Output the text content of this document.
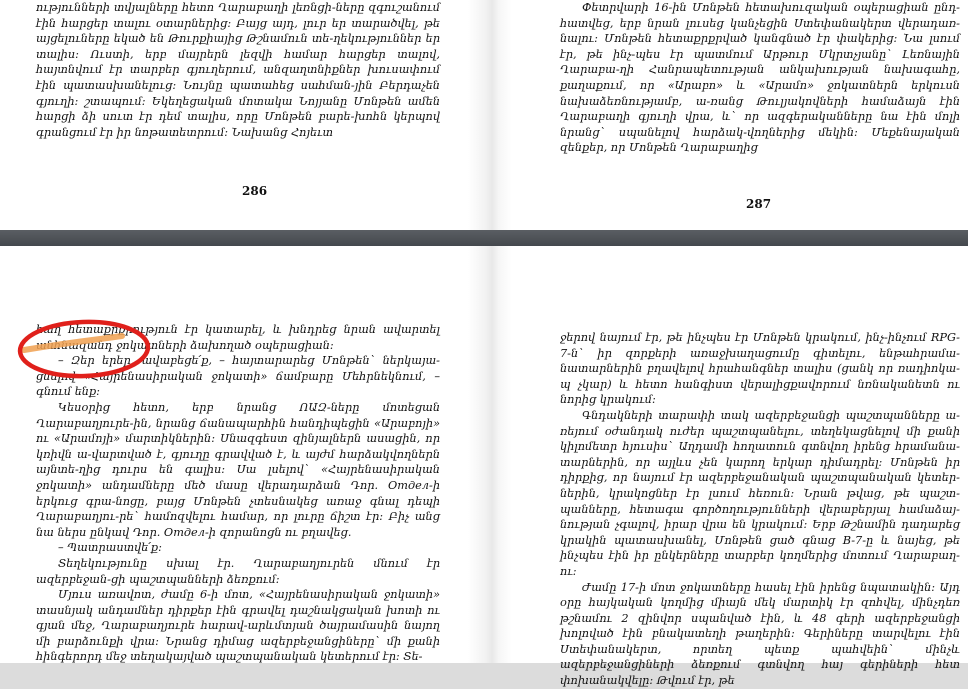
ությունների տվյալները հետո Ղարաբաղի լեռնցի-ները զգուշանում էին հարցեր տալու օտարներից: Բայց այդ, լուր եր տարածվել, թե այցելուները եկած են Թուրքիայից Թշնամուն տե-ղեկություններ եր տալիս: Ուստի, երբ մայրերն լեզվի համար հարցեր տալով, հայտնվում էր տարբեր գյուղերում, անզաղտնիքներ խուսափում էին պատասխանելուց: Նույնը պատահեց սահման-յին Բերդաչեն գյուղի: շտապում: Եկեղեցական մոտակա Նոյյանը Մոնթեն ամեն հարցի ձի սուտ էր դեմ տալիս, որը Մոնթեն բարե-խոհն կերպով գրանցում էր իր նոթատետրում: Նախանց Հոյեւտ

Փետրվարի 16-ին Մոնթեն հետախուզական օպերացիան ընդ-հատվեց, երբ նրան լուսեց կանչեցին Ստեփանակերտ վերադառ-նալու: Մոնթեն հետաքրքրված կանգնած էր փակերից: Նա լսում էր, թե ինչ-պես էր պատմում Արթուր Մկրտչյանը` Լեռնային Ղարաբա-ղի Հանրապետության անկախության նախագահը, քաղաքում, որ «Արաբո» և «Արամո» ջոկատներն երկուսն նախաձեռնությամբ, ա-ռանց Թուլյակովների համաձայն էին Ղարաբաղի գյուղի վրա, և` որ ազգերականները նա էին մոլի նրանց` սպանելով հարձակ-վողներից մեկին: Մեքենայական զենքեր, որ Մոնթեն Ղարաբաղից

286
287

հաղ հետաքրքրություն էր կատարել, և խնդրեց նրան ավարտել անհնազանդ ջոկատների ձախողած օպերացիան:

– Զեր երեր, ավաբեցե՛ք, – հայտարարեց Մոնթեն` ներկայա-ցնելով «Հայրենասիրական ջոկատի» ճամբարը Մեհրնեկնում, – գնում ենք:

Կեսօրից հետո, երբ նրանց ՈԱԶ-ները մոտեցան Ղարաբաղյուրե-ին, նրանց ճանապարհին հանդիպեցին «Արաբոյի» ու «Արամոյի» մարտիկներին: Սնազգեստ զինյալներն ասացին, որ կռիվն ա-վարտված է, գյուղը գրավված է, և այժմ հարձակվողներն այնտե-ղից դուրս են գալիս: Սա լսելով` «Հայրենասիրական ջոկատի» անդամները մեծ մասը վերադարձան Դոր. Отдел-ի երկուց գրա-նոցը, բայց Մոնթեն չտեսնակեց առաջ գնալ դեպի Ղարաբաղյու-րե` համոզվելու համար, որ լուրը ճիշտ էր: Բիչ անց նա ներս ընկավ Դոր. Отдел-ի զորանոցն ու բղավեց.

– Պատրաստվե՛ք:

Տեղեկությունը սխալ էր. Ղարաբաղյուրեն մնում էր ազերբեջան-ցի պաշտպանների ձեռքում:

Մյուս առավոտ, ժամը 6-ի մոտ, «Հայրենասիրական ջոկատի» տասնյակ անդամներ դիրքեր էին գրավել դաշնակցական խոտի ու գյան մեջ, Ղարաբաղյուրե հարավ-արևմտյան ծայրամասին նայող մի բարձունքի վրա: Նրանց դիմաց ազերբեջանցիները` մի քանի հինգերորդ մեջ տեղակայված պաշտպանական կետերում էր: Տե-

ջերով նայում էր, թե ինչպես էր Մոնթեն կրակում, ինչ-ինչում RPG-7-ն` իր զորքերի առաջխաղացումը գիտելու, ենթահրամա-նատարներին բղավելով հրահանգներ տալիս (ցանկ որ ռադիոկա-պ չկար) և հետո հանգիստ վերալիցքավորում նռնականետն ու նորից կրակում:

Գնդակների տարափի տակ ազերբեջանցի պաշտպանները ա-ռեյում օժանդակ ուժեր պաշտպանելու, տեղեկացնելով մի քանի կիլոմետր հյուսիս` Աղդամի հողատուն գտնվող իրենց հրամանա-տարներին, որ այլևս չեն կարող երկար դիմադրել: Մոնթեն իր դիրքից, որ նայում էր ազերբեջանական պաշտպանական կետեր-ներին, կրակոցներ էր լսում հեռուն: Նրան թվաց, թե պաշտ-պանները, հետագա գործողությունների վերաբերյալ համաձայ-նության չգալով, իրար վրա են կրակում: Երբ Թշնամին դադարեց կրակին պատասխանել, Մոնթեն ցած գնաց B-7-ը և նայեց, թե ինչպես էին իր ընկերները տարբեր կողմերից մոտում Ղարաբաղ-ու:

Ժամը 17-ի մոտ ջոկատները հասել էին իրենց նպատակին: Այդ օրը հայկական կողմից միայն մեկ մարտիկ էր զոհվել, մինչդեռ թշնամու 2 զինվոր սպանված էին, և 48 գերի ազերբեջանցի խոլոված էին բնակատեղի թաղերին: Գերիները տարվելու էին Ստեփանակերտ, որտեղ պետք պահվեին` մինչև ազերբեջանցիների ձեռքում գտնվող հայ գերիների հետ փոխանակվելը: Թվում էր, թե
